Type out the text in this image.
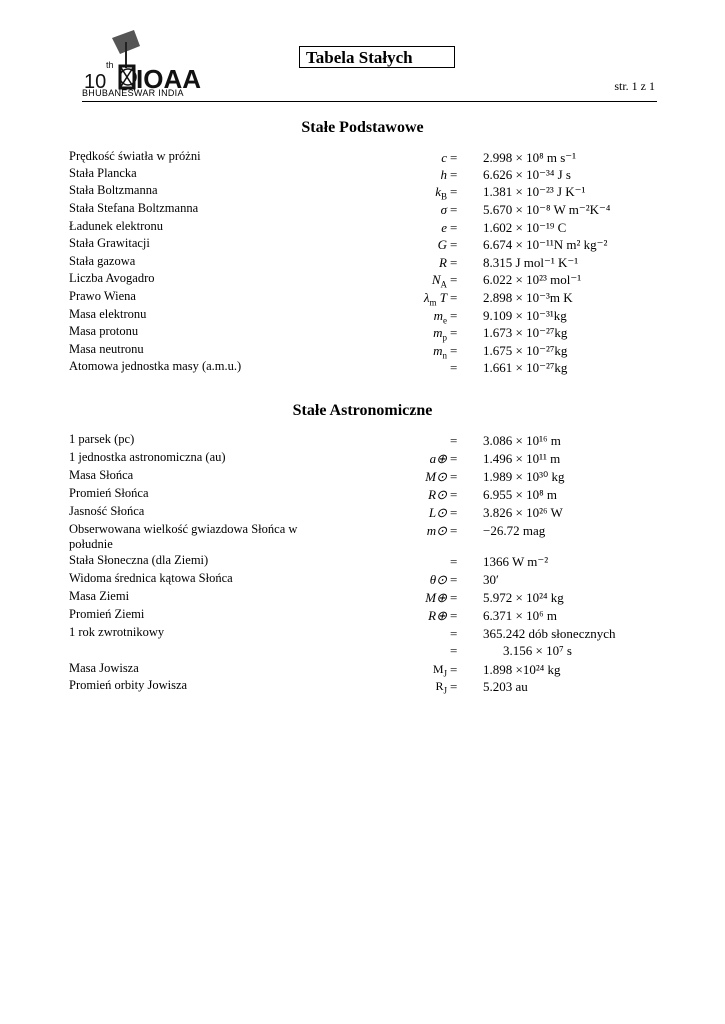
10
th IOAA
BHUBANESWAR INDIA
Tabela Stałych
str. 1 z 1
Stałe Podstawowe
Prędkość światła w próżni	c = 2.998 × 10⁸ m s⁻¹
Stała Plancka	h = 6.626 × 10⁻³⁴ J s
Stała Boltzmanna	$k_B = 1.381 \times 10^{-23}$ J K⁻¹
Stała Stefana Boltzmanna	σ = 5.670 × 10⁻⁸ W m⁻²K⁻⁴
Ładunek elektronu	e = 1.602 × 10⁻¹⁹ C
Stała Grawitacji	G = 6.674 × 10⁻¹¹N m² kg⁻²
Stała gazowa	R = 8.315 J mol⁻¹ K⁻¹
Liczba Avogadro	$N_A = 6.022 \times 10^{23}$ mol⁻¹
Prawo Wiena	$\lambda_m$ T = 2.898 × 10⁻³m K
Masa elektronu	$m_e = 9.109 \times 10^{-31}kg$
Masa protonu	$m_p = 1.673 \times 10^{-27}kg$
Masa neutronu	$m_n = 1.675 \times 10^{-27}kg$
Atomowa jednostka masy (a.m.u.)	= 1.661 × 10⁻²⁷kg
Stałe Astronomiczne
1 parsek (pc)	= 3.086 × 10¹⁶ m
1 jednostka astronomiczna (au)	a⊕ = 1.496 × 10¹¹ m
Masa Słońca	M⊙ = 1.989 × 10³⁰ kg
Promień Słońca	R⊙ = 6.955 × 10⁸ m
Jasność Słońca	L⊙ = 3.826 × 10²⁶ W
Obserwowana wielkość gwiazdowa Słońca w południe
m⊙ = −26.72 mag
Stała Słoneczna (dla Ziemi)	= 1366 W m⁻²
Widoma średnica kątowa Słońca	θ⊙ = 30′
Masa Ziemi	M⊕ = 5.972 × 10²⁴ kg
Promień Ziemi	R⊕ = 6.371 × 10⁶ m
1 rok zwrotnikowy	= 365.242 dób słonecznych
=	3.156 × 10⁷ s
Masa Jowisza	$M_J = 1.898 \times 10^{24}$ kg
Promień orbity Jowisza	$R_J = 5.203$ au
